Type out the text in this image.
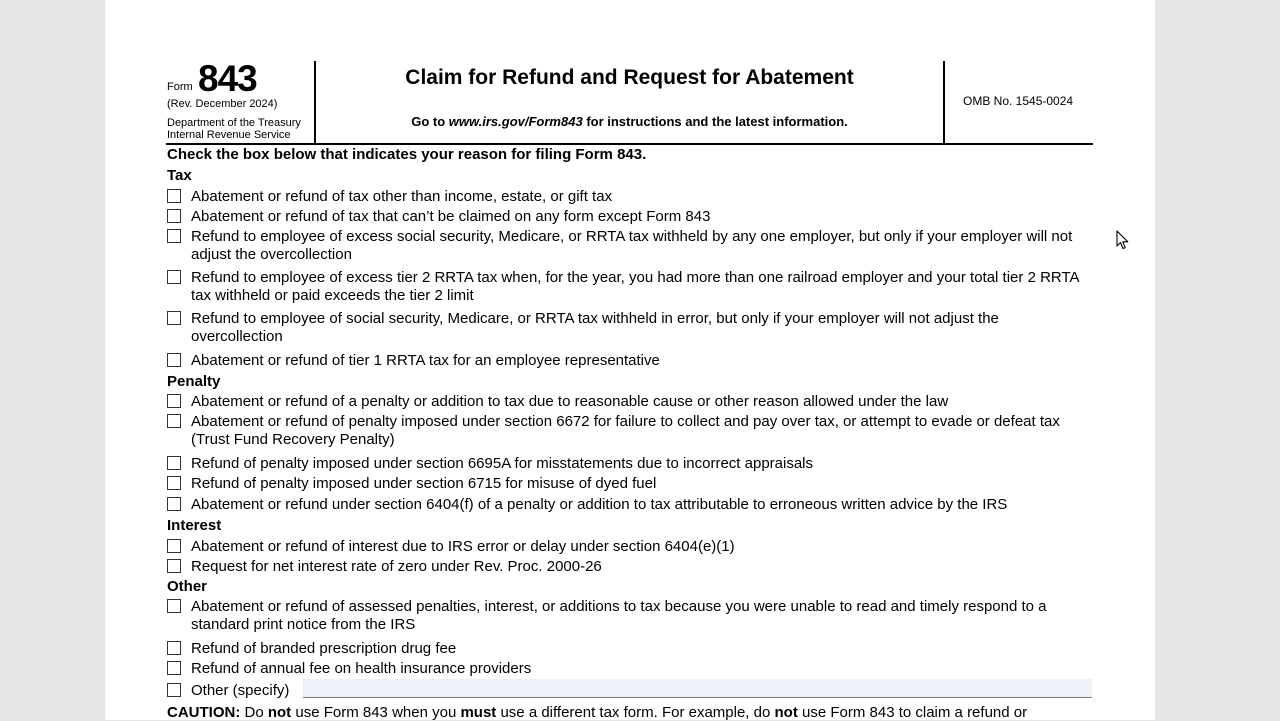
Form 843
(Rev. December 2024)
Department of the Treasury
Internal Revenue Service
Claim for Refund and Request for Abatement
Go to www.irs.gov/Form843 for instructions and the latest information.
OMB No. 1545-0024
Check the box below that indicates your reason for filing Form 843.
Tax
Abatement or refund of tax other than income, estate, or gift tax
Abatement or refund of tax that can’t be claimed on any form except Form 843
Refund to employee of excess social security, Medicare, or RRTA tax withheld by any one employer, but only if your employer will not adjust the overcollection
Refund to employee of excess tier 2 RRTA tax when, for the year, you had more than one railroad employer and your total tier 2 RRTA tax withheld or paid exceeds the tier 2 limit
Refund to employee of social security, Medicare, or RRTA tax withheld in error, but only if your employer will not adjust the overcollection
Abatement or refund of tier 1 RRTA tax for an employee representative
Penalty
Abatement or refund of a penalty or addition to tax due to reasonable cause or other reason allowed under the law
Abatement or refund of penalty imposed under section 6672 for failure to collect and pay over tax, or attempt to evade or defeat tax (Trust Fund Recovery Penalty)
Refund of penalty imposed under section 6695A for misstatements due to incorrect appraisals
Refund of penalty imposed under section 6715 for misuse of dyed fuel
Abatement or refund under section 6404(f) of a penalty or addition to tax attributable to erroneous written advice by the IRS
Interest
Abatement or refund of interest due to IRS error or delay under section 6404(e)(1)
Request for net interest rate of zero under Rev. Proc. 2000-26
Other
Abatement or refund of assessed penalties, interest, or additions to tax because you were unable to read and timely respond to a standard print notice from the IRS
Refund of branded prescription drug fee
Refund of annual fee on health insurance providers
Other (specify)
CAUTION: Do not use Form 843 when you must use a different tax form. For example, do not use Form 843 to claim a refund or
